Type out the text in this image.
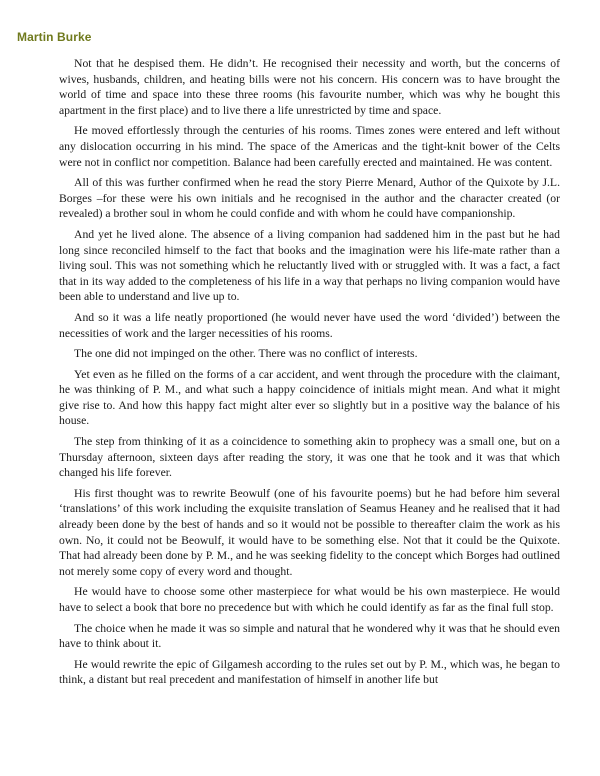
Martin Burke

Not that he despised them. He didn’t. He recognised their necessity and worth, but the concerns of wives, husbands, children, and heating bills were not his concern. His concern was to have brought the world of time and space into these three rooms (his favourite number, which was why he bought this apartment in the first place) and to live there a life unrestricted by time and space.

He moved effortlessly through the centuries of his rooms. Times zones were entered and left without any dislocation occurring in his mind. The space of the Americas and the tight-knit bower of the Celts were not in conflict nor competition. Balance had been carefully erected and maintained. He was content.

All of this was further confirmed when he read the story Pierre Menard, Author of the Quixote by J.L. Borges –for these were his own initials and he recognised in the author and the character created (or revealed) a brother soul in whom he could confide and with whom he could have companionship.

And yet he lived alone. The absence of a living companion had saddened him in the past but he had long since reconciled himself to the fact that books and the imagination were his life-mate rather than a living soul. This was not something which he reluctantly lived with or struggled with. It was a fact, a fact that in its way added to the completeness of his life in a way that perhaps no living companion would have been able to understand and live up to.

And so it was a life neatly proportioned (he would never have used the word ‘divided’) between the necessities of work and the larger necessities of his rooms.

The one did not impinged on the other. There was no conflict of interests.

Yet even as he filled on the forms of a car accident, and went through the procedure with the claimant, he was thinking of P. M., and what such a happy coincidence of initials might mean. And what it might give rise to. And how this happy fact might alter ever so slightly but in a positive way the balance of his house.

The step from thinking of it as a coincidence to something akin to prophecy was a small one, but on a Thursday afternoon, sixteen days after reading the story, it was one that he took and it was that which changed his life forever.

His first thought was to rewrite Beowulf (one of his favourite poems) but he had before him several ‘translations’ of this work including the exquisite translation of Seamus Heaney and he realised that it had already been done by the best of hands and so it would not be possible to thereafter claim the work as his own. No, it could not be Beowulf, it would have to be something else. Not that it could be the Quixote. That had already been done by P. M., and he was seeking fidelity to the concept which Borges had outlined not merely some copy of every word and thought.

He would have to choose some other masterpiece for what would be his own masterpiece. He would have to select a book that bore no precedence but with which he could identify as far as the final full stop.

The choice when he made it was so simple and natural that he wondered why it was that he should even have to think about it.

He would rewrite the epic of Gilgamesh according to the rules set out by P. M., which was, he began to think, a distant but real precedent and manifestation of himself in another life but
